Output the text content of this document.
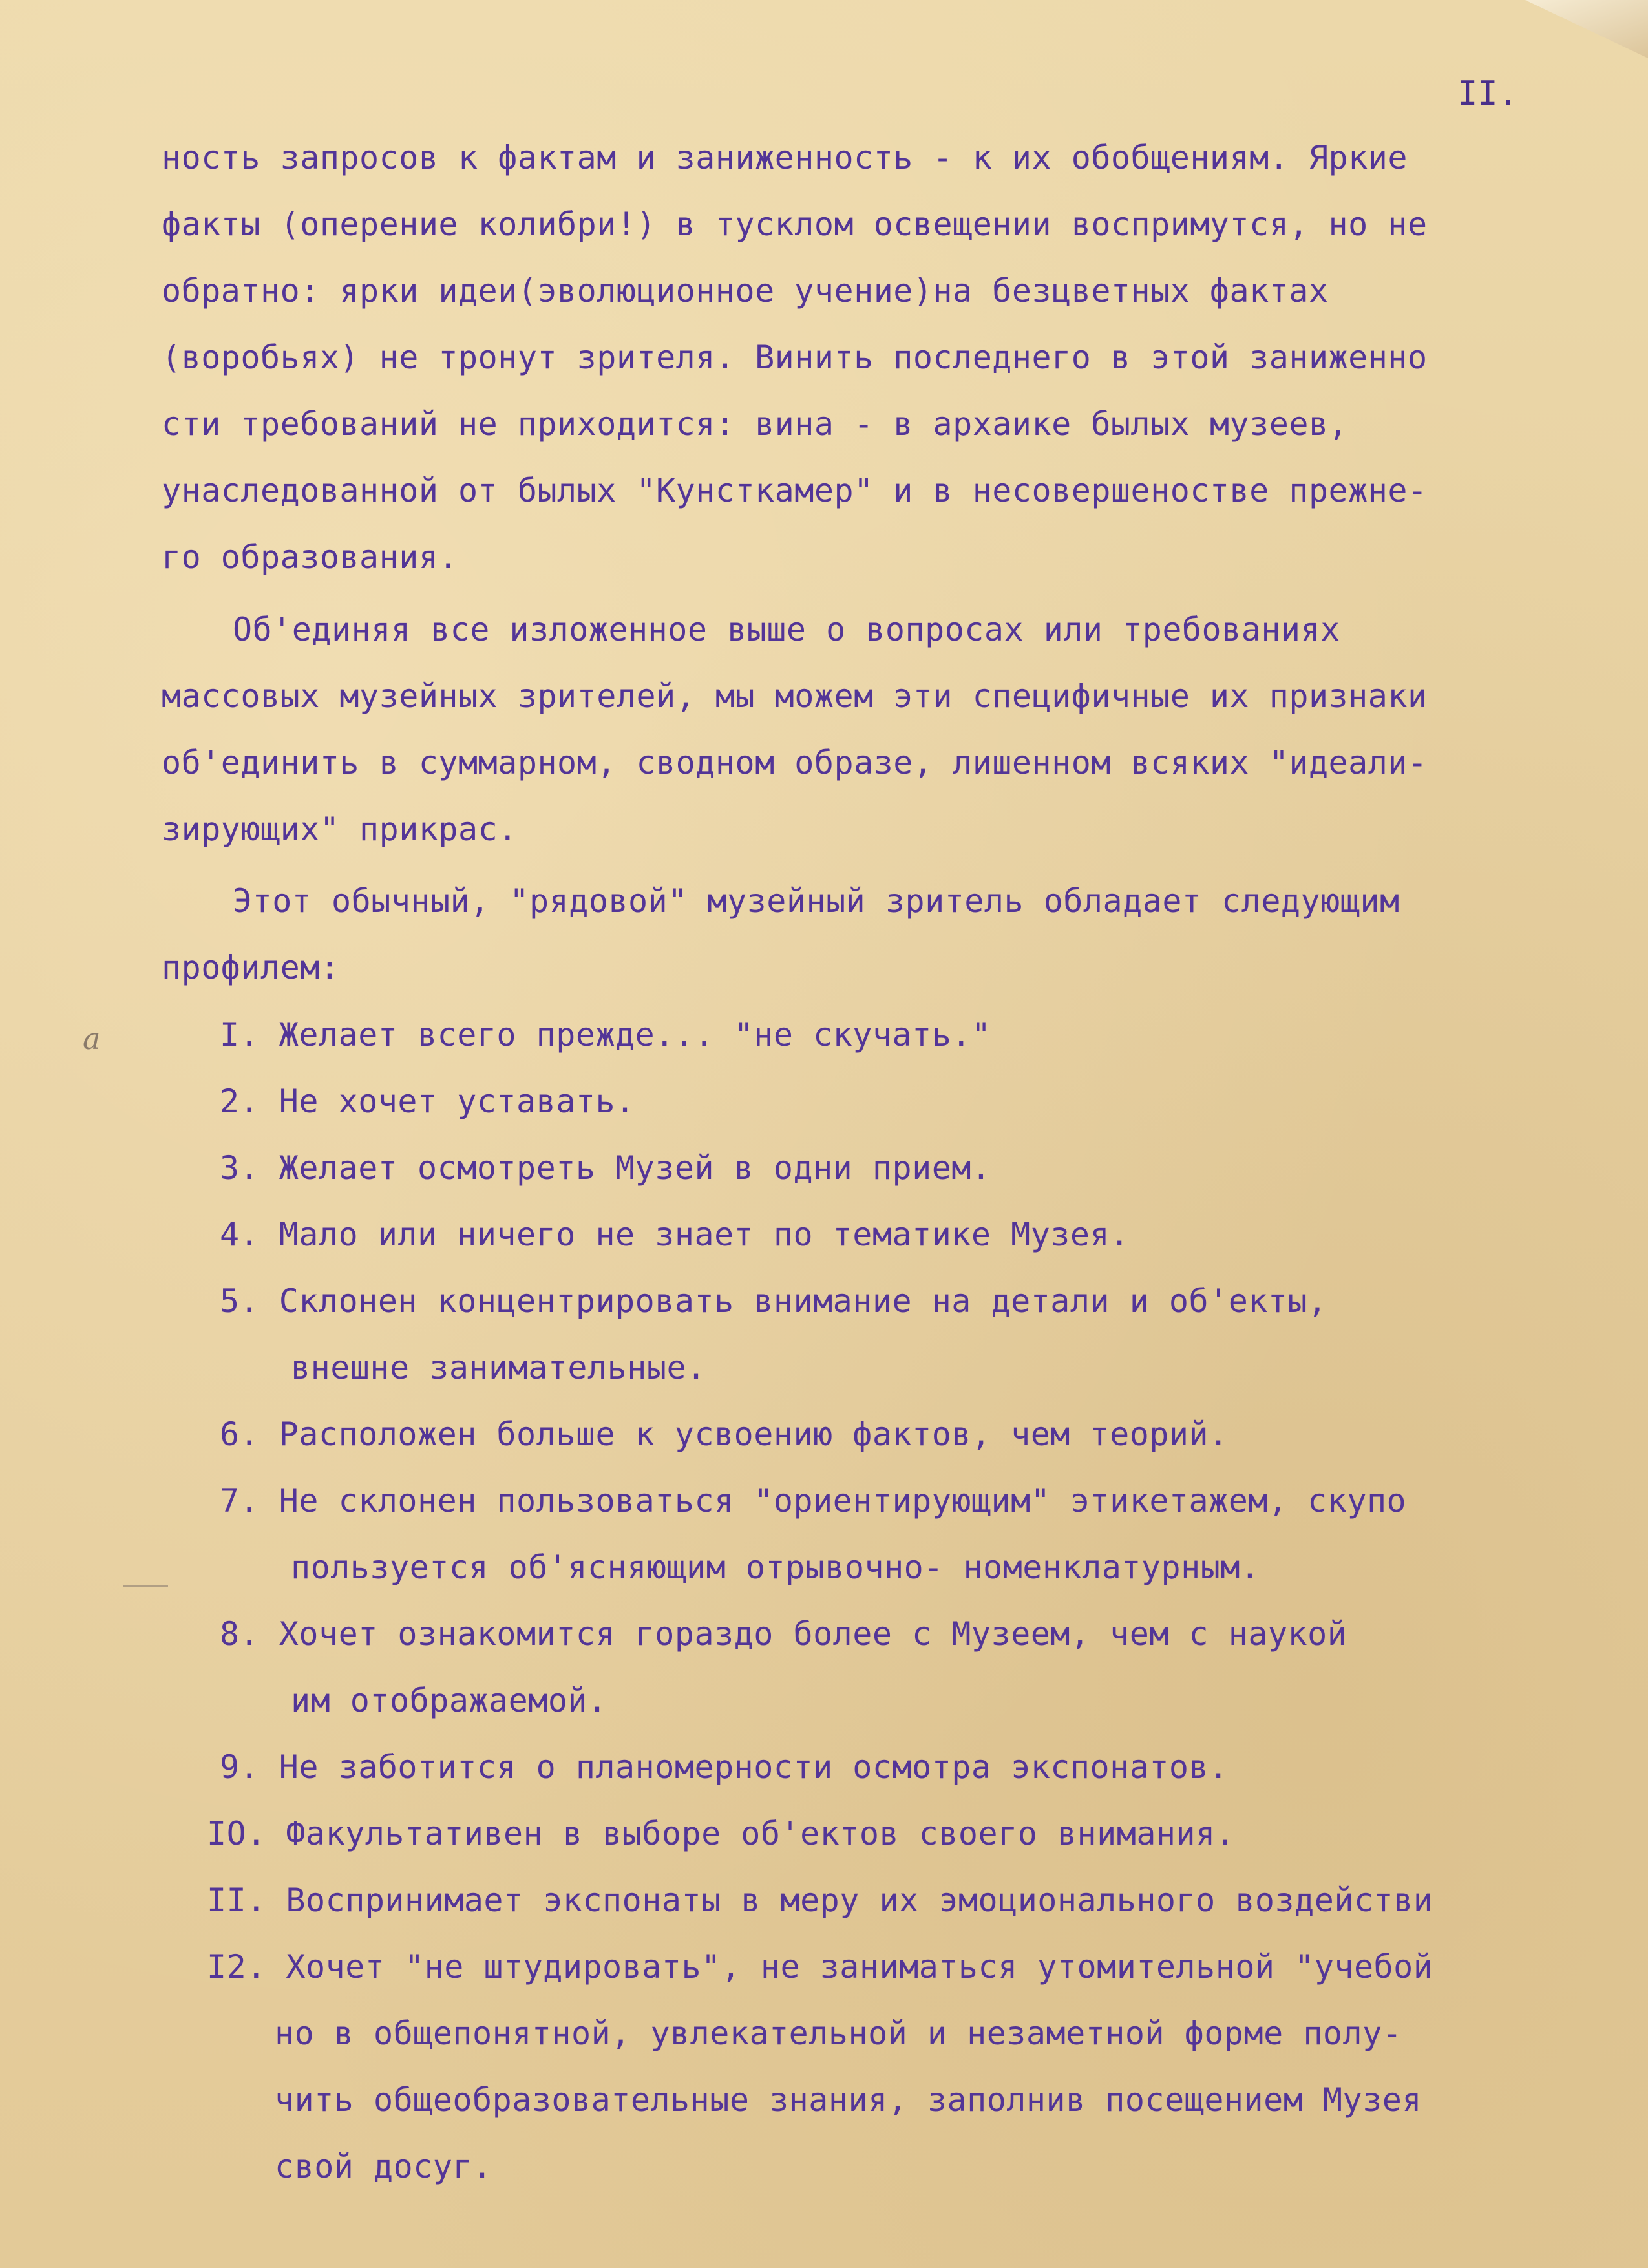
II.
ность запросов к фактам и заниженность - к их обобщениям. Яркие
факты (оперение колибри!) в тусклом освещении воспримутся, но не
обратно: ярки идеи(эволюционное учение)на безцветных фактах
(воробьях) не тронут зрителя. Винить последнего в этой заниженно
сти требований не приходится: вина - в архаике былых музеев,
унаследованной от былых "Кунсткамер" и в несовершеностве прежне-
го образования.
Об'единяя все изложенное выше о вопросах или требованиях
массовых музейных зрителей, мы можем эти специфичные их признаки
об'единить в суммарном, сводном образе, лишенном всяких "идеали-
зирующих" прикрас.
Этот обычный, "рядовой" музейный зритель обладает следующим
профилем:
a	I. Желает всего прежде... "не скучать."
2. Не хочет уставать.
3. Желает осмотреть Музей в одни прием.
4. Мало или ничего не знает по тематике Музея.
5. Склонен концентрировать внимание на детали и об'екты,
внешне занимательные.
6. Расположен больше к усвоению фактов, чем теорий.
7. Не склонен пользоваться "ориентирующим" этикетажем, скупо
пользуется об'ясняющим отрывочно- номенклатурным.
8. Хочет ознакомится гораздо более с Музеем, чем с наукой
им отображаемой.
9. Не заботится о планомерности осмотра экспонатов.
IO. Факультативен в выборе об'ектов своего внимания.
II. Воспринимает экспонаты в меру их эмоционального воздействи
I2. Хочет "не штудировать", не заниматься утомительной "учебой
но в общепонятной, увлекательной и незаметной форме полу-
чить общеобразовательные знания, заполнив посещением Музея
свой досуг.
